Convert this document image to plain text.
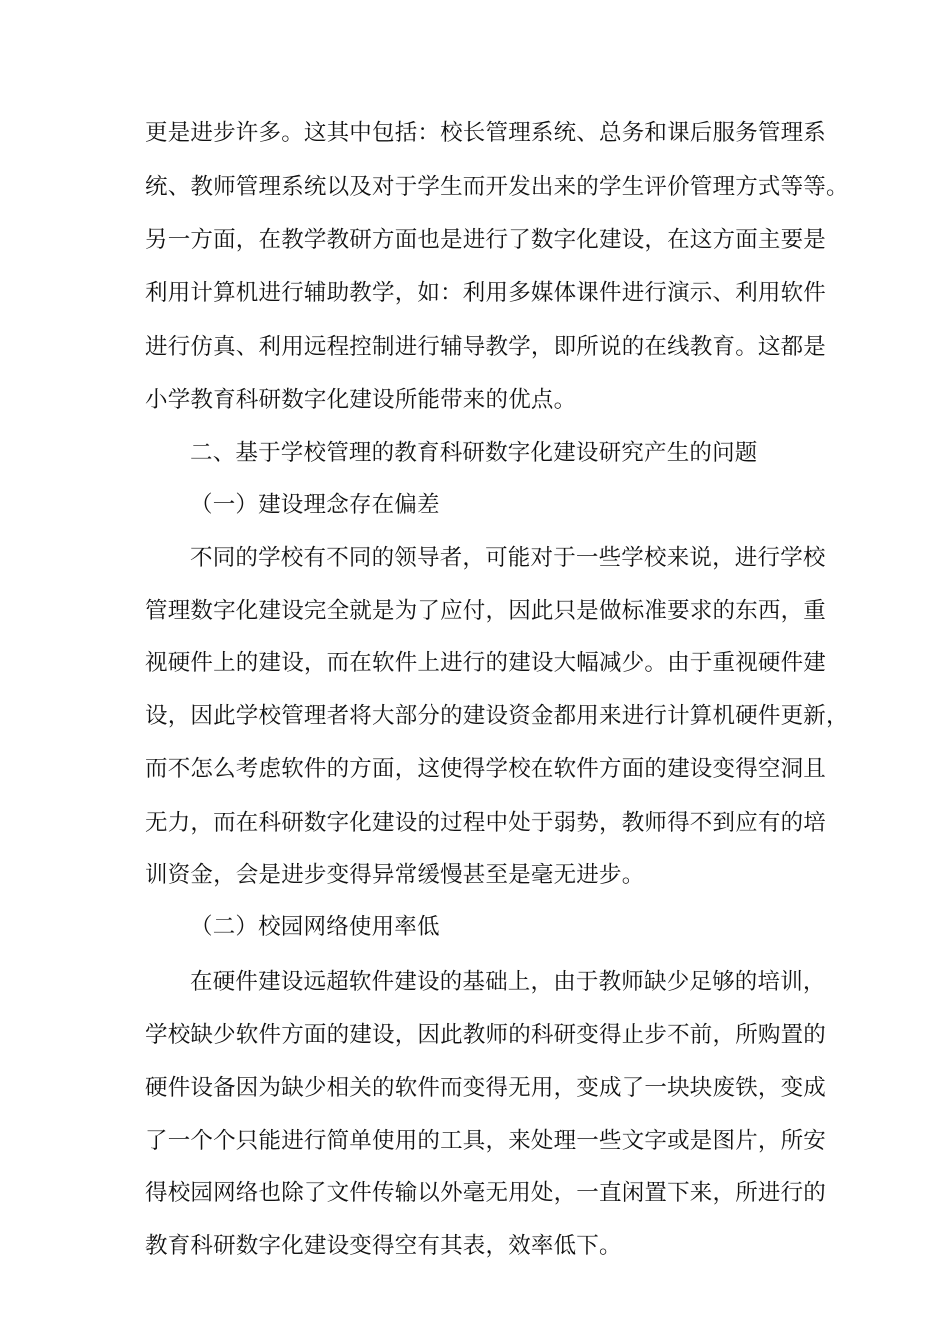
更是进步许多。这其中包括：校长管理系统、总务和课后服务管理系

统、教师管理系统以及对于学生而开发出来的学生评价管理方式等等。

另一方面，在教学教研方面也是进行了数字化建设，在这方面主要是

利用计算机进行辅助教学，如：利用多媒体课件进行演示、利用软件

进行仿真、利用远程控制进行辅导教学，即所说的在线教育。这都是

小学教育科研数字化建设所能带来的优点。

二、基于学校管理的教育科研数字化建设研究产生的问题

（一）建设理念存在偏差

不同的学校有不同的领导者，可能对于一些学校来说，进行学校

管理数字化建设完全就是为了应付，因此只是做标准要求的东西，重

视硬件上的建设，而在软件上进行的建设大幅减少。由于重视硬件建

设，因此学校管理者将大部分的建设资金都用来进行计算机硬件更新，

而不怎么考虑软件的方面，这使得学校在软件方面的建设变得空洞且

无力，而在科研数字化建设的过程中处于弱势，教师得不到应有的培

训资金，会是进步变得异常缓慢甚至是毫无进步。

（二）校园网络使用率低

在硬件建设远超软件建设的基础上，由于教师缺少足够的培训，

学校缺少软件方面的建设，因此教师的科研变得止步不前，所购置的

硬件设备因为缺少相关的软件而变得无用，变成了一块块废铁，变成

了一个个只能进行简单使用的工具，来处理一些文字或是图片，所安

得校园网络也除了文件传输以外毫无用处，一直闲置下来，所进行的

教育科研数字化建设变得空有其表，效率低下。
